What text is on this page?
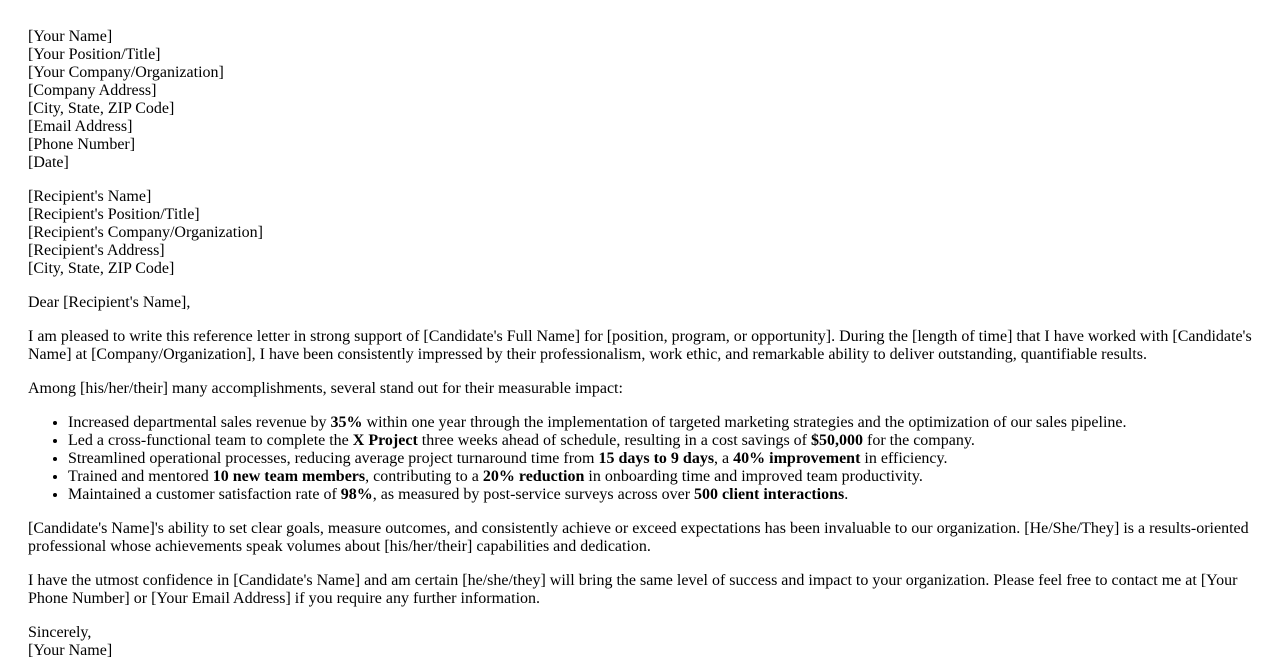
[Your Name]
[Your Position/Title]
[Your Company/Organization]
[Company Address]
[City, State, ZIP Code]
[Email Address]
[Phone Number]
[Date]
[Recipient's Name]
[Recipient's Position/Title]
[Recipient's Company/Organization]
[Recipient's Address]
[City, State, ZIP Code]

Dear [Recipient's Name],

I am pleased to write this reference letter in strong support of [Candidate's Full Name] for [position, program, or opportunity]. During the [length of time] that I have worked with [Candidate's Name] at [Company/Organization], I have been consistently impressed by their professionalism, work ethic, and remarkable ability to deliver outstanding, quantifiable results.

Among [his/her/their] many accomplishments, several stand out for their measurable impact:

• Increased departmental sales revenue by 35% within one year through the implementation of targeted marketing strategies and the optimization of our sales pipeline.
• Led a cross-functional team to complete the X Project three weeks ahead of schedule, resulting in a cost savings of $50,000 for the company.
• Streamlined operational processes, reducing average project turnaround time from 15 days to 9 days, a 40% improvement in efficiency.
• Trained and mentored 10 new team members, contributing to a 20% reduction in onboarding time and improved team productivity.
• Maintained a customer satisfaction rate of 98%, as measured by post-service surveys across over 500 client interactions.

[Candidate's Name]'s ability to set clear goals, measure outcomes, and consistently achieve or exceed expectations has been invaluable to our organization. [He/She/They] is a results-oriented professional whose achievements speak volumes about [his/her/their] capabilities and dedication.

I have the utmost confidence in [Candidate's Name] and am certain [he/she/they] will bring the same level of success and impact to your organization. Please feel free to contact me at [Your Phone Number] or [Your Email Address] if you require any further information.

Sincerely,
[Your Name]
